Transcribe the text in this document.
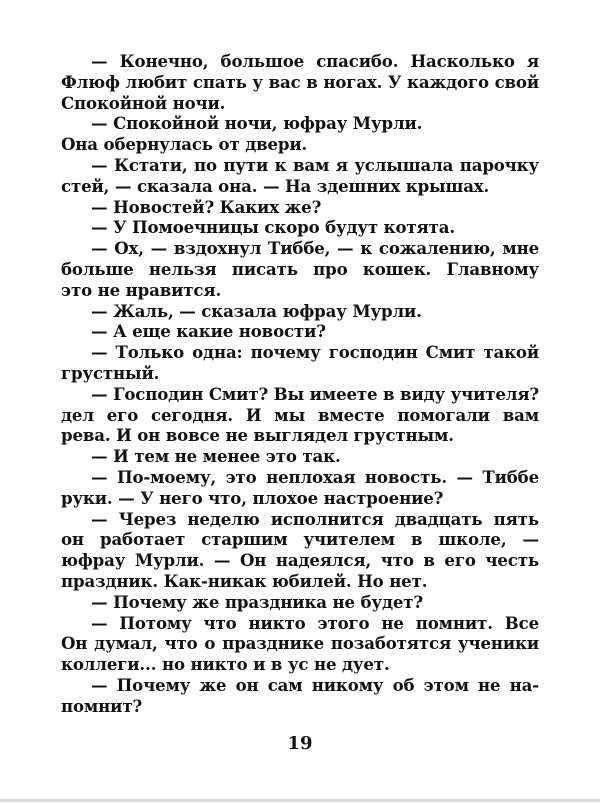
— Конечно, большое спасибо. Насколько я
Флюф любит спать у вас в ногах. У каждого свой
Спокойной ночи.
— Спокойной ночи, юфрау Мурли.
Она обернулась от двери.
— Кстати, по пути к вам я услышала парочку
стей, — сказала она. — На здешних крышах.
— Новостей? Каких же?
— У Помоечницы скоро будут котята.
— Ох, — вздохнул Тиббе, — к сожалению, мне
больше нельзя писать про кошек. Главному
это не нравится.
— Жаль, — сказала юфрау Мурли.
— А еще какие новости?
— Только одна: почему господин Смит такой
грустный.
— Господин Смит? Вы имеете в виду учителя?
дел его сегодня. И мы вместе помогали вам
рева. И он вовсе не выглядел грустным.
— И тем не менее это так.
— По-моему, это неплохая новость. — Тиббе
руки. — У него что, плохое настроение?
— Через неделю исполнится двадцать пять
он работает старшим учителем в школе, —
юфрау Мурли. — Он надеялся, что в его честь
праздник. Как-никак юбилей. Но нет.
— Почему же праздника не будет?
— Потому что никто этого не помнит. Все
Он думал, что о празднике позаботятся ученики
коллеги... но никто и в ус не дует.
— Почему же он сам никому об этом не на-
помнит?
19
